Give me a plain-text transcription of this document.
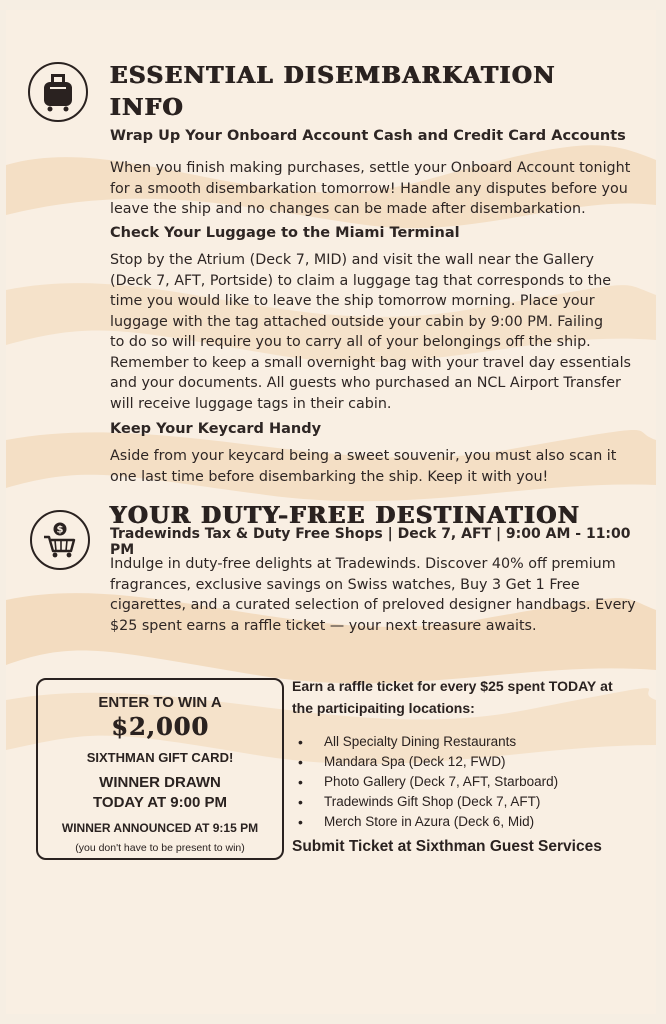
ESSENTIAL DISEMBARKATION
INFO
Wrap Up Your Onboard Account Cash and Credit Card Accounts
When you finish making purchases, settle your Onboard Account tonight
for a smooth disembarkation tomorrow! Handle any disputes before you
leave the ship and no changes can be made after disembarkation.
Check Your Luggage to the Miami Terminal
Stop by the Atrium (Deck 7, MID) and visit the wall near the Gallery
(Deck 7, AFT, Portside) to claim a luggage tag that corresponds to the
time you would like to leave the ship tomorrow morning. Place your
luggage with the tag attached outside your cabin by 9:00 PM. Failing
to do so will require you to carry all of your belongings off the ship.
Remember to keep a small overnight bag with your travel day essentials
and your documents. All guests who purchased an NCL Airport Transfer
will receive luggage tags in their cabin.
Keep Your Keycard Handy
Aside from your keycard being a sweet souvenir, you must also scan it
one last time before disembarking the ship. Keep it with you!
$
YOUR DUTY-FREE DESTINATION
Tradewinds Tax & Duty Free Shops | Deck 7, AFT | 9:00 AM - 11:00 PM
Indulge in duty-free delights at Tradewinds. Discover 40% off premium
fragrances, exclusive savings on Swiss watches, Buy 3 Get 1 Free
cigarettes, and a curated selection of preloved designer handbags. Every
$25 spent earns a raffle ticket — your next treasure awaits.
ENTER TO WIN A
$2,000
SIXTHMAN GIFT CARD!
WINNER DRAWN
TODAY AT 9:00 PM
WINNER ANNOUNCED AT 9:15 PM
(you don't have to be present to win)
Earn a raffle ticket for every $25 spent TODAY at
the participaiting locations:
• All Specialty Dining Restaurants
• Mandara Spa (Deck 12, FWD)
• Photo Gallery (Deck 7, AFT, Starboard)
• Tradewinds Gift Shop (Deck 7, AFT)
• Merch Store in Azura (Deck 6, Mid)
Submit Ticket at Sixthman Guest Services
